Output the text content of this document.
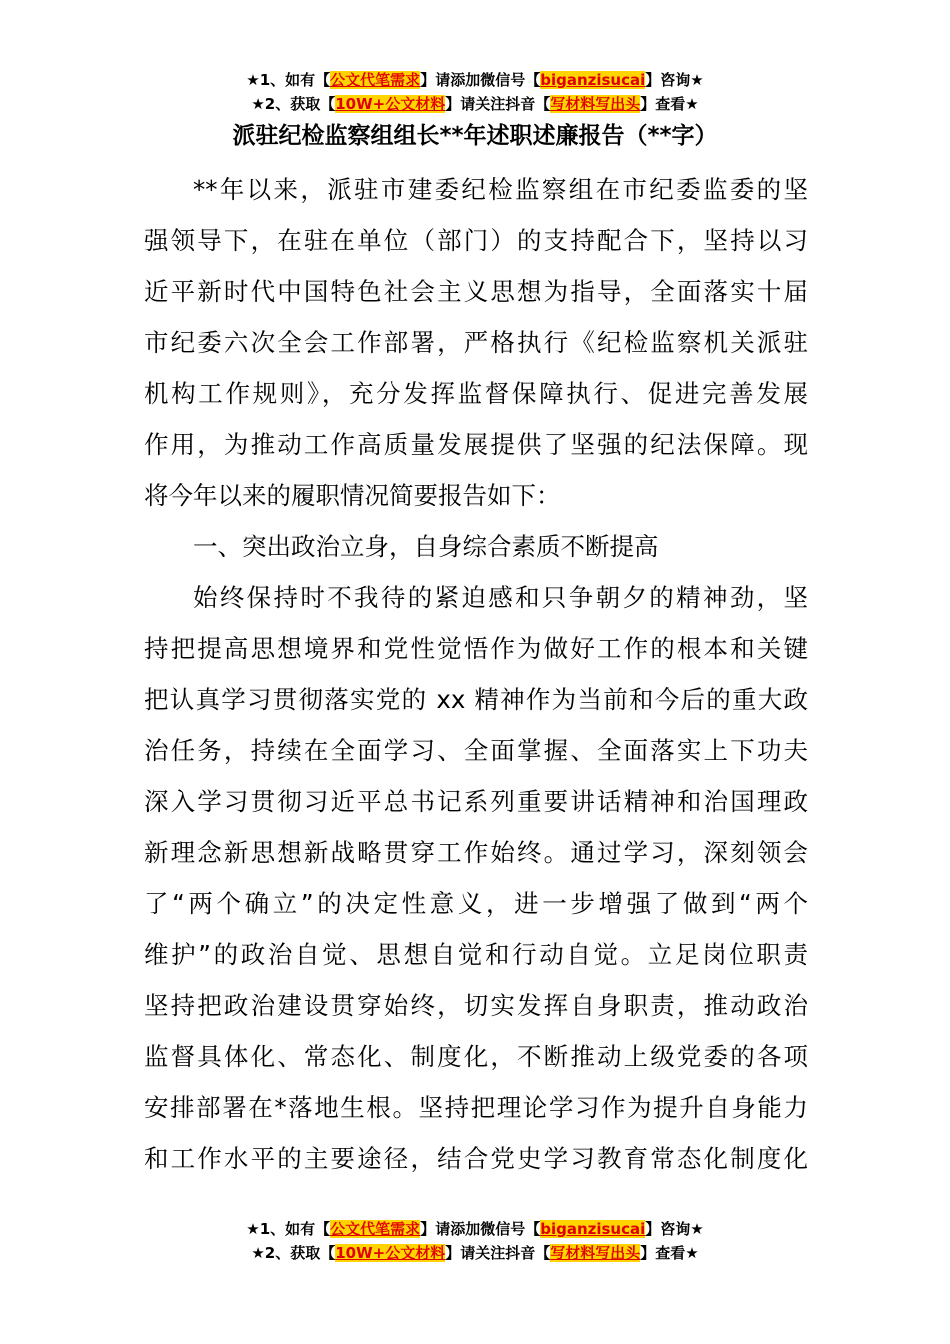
★1、如有【公文代笔需求】请添加微信号【biganzisucai】咨询★
★2、获取【10W+公文材料】请关注抖音【写材料写出头】查看★
派驻纪检监察组组长**年述职述廉报告（**字）
**年以来，派驻市建委纪检监察组在市纪委监委的坚
强领导下，在驻在单位（部门）的支持配合下，坚持以习
近平新时代中国特色社会主义思想为指导，全面落实十届
市纪委六次全会工作部署，严格执行《纪检监察机关派驻
机构工作规则》，充分发挥监督保障执行、促进完善发展
作用，为推动工作高质量发展提供了坚强的纪法保障。现
将今年以来的履职情况简要报告如下：
一、突出政治立身，自身综合素质不断提高
始终保持时不我待的紧迫感和只争朝夕的精神劲，坚
持把提高思想境界和党性觉悟作为做好工作的根本和关键
把认真学习贯彻落实党的 xx 精神作为当前和今后的重大政
治任务，持续在全面学习、全面掌握、全面落实上下功夫
深入学习贯彻习近平总书记系列重要讲话精神和治国理政
新理念新思想新战略贯穿工作始终。通过学习，深刻领会
了“两个确立”的决定性意义，进一步增强了做到“两个
维护”的政治自觉、思想自觉和行动自觉。立足岗位职责
坚持把政治建设贯穿始终，切实发挥自身职责，推动政治
监督具体化、常态化、制度化，不断推动上级党委的各项
安排部署在*落地生根。坚持把理论学习作为提升自身能力
和工作水平的主要途径，结合党史学习教育常态化制度化
★1、如有【公文代笔需求】请添加微信号【biganzisucai】咨询★
★2、获取【10W+公文材料】请关注抖音【写材料写出头】查看★
